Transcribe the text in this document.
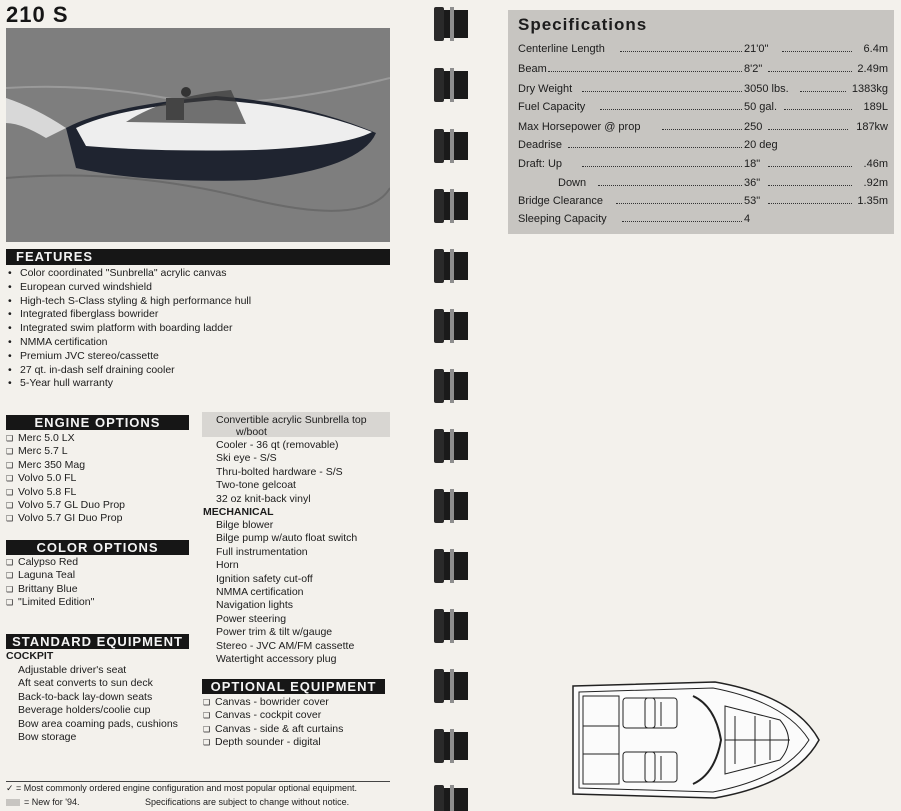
210 S
FEATURES
• Color coordinated "Sunbrella" acrylic canvas
• European curved windshield
• High-tech S-Class styling & high performance hull
• Integrated fiberglass bowrider
• Integrated swim platform with boarding ladder
• NMMA certification
• Premium JVC stereo/cassette
• 27 qt. in-dash self draining cooler
• 5-Year hull warranty
ENGINE OPTIONS
❑ Merc 5.0 LX
❑ Merc 5.7 L
❑ Merc 350 Mag
❑ Volvo 5.0 FL
❑ Volvo 5.8 FL
❑ Volvo 5.7 GL Duo Prop
❑ Volvo 5.7 GI Duo Prop
COLOR OPTIONS
❑ Calypso Red
❑ Laguna Teal
❑ Brittany Blue
❑ "Limited Edition"
STANDARD EQUIPMENT
COCKPIT
Adjustable driver's seat
Aft seat converts to sun deck
Back-to-back lay-down seats
Beverage holders/coolie cup
Bow area coaming pads, cushions
Bow storage
Convertible acrylic Sunbrella top
w/boot
Cooler - 36 qt (removable)
Ski eye - S/S
Thru-bolted hardware - S/S
Two-tone gelcoat
32 oz knit-back vinyl
MECHANICAL
Bilge blower
Bilge pump w/auto float switch
Full instrumentation
Horn
Ignition safety cut-off
NMMA certification
Navigation lights
Power steering
Power trim & tilt w/gauge
Stereo - JVC AM/FM cassette
Watertight accessory plug
OPTIONAL EQUIPMENT
❑ Canvas - bowrider cover
❑ Canvas - cockpit cover
❑ Canvas - side & aft curtains
❑ Depth sounder - digital
✓ = Most commonly ordered engine configuration and most popular optional equipment.
= New for '94.	Specifications are subject to change without notice.
Specifications
Centerline Length	21'0"	6.4m
Beam	8'2"	2.49m
Dry Weight	3050 lbs.	1383kg
Fuel Capacity	50 gal.	189L
Max Horsepower @ prop	250	187kw
Deadrise	20 deg
Draft: Up	18"	.46m
Down	36"	.92m
Bridge Clearance	53"	1.35m
Sleeping Capacity	4
